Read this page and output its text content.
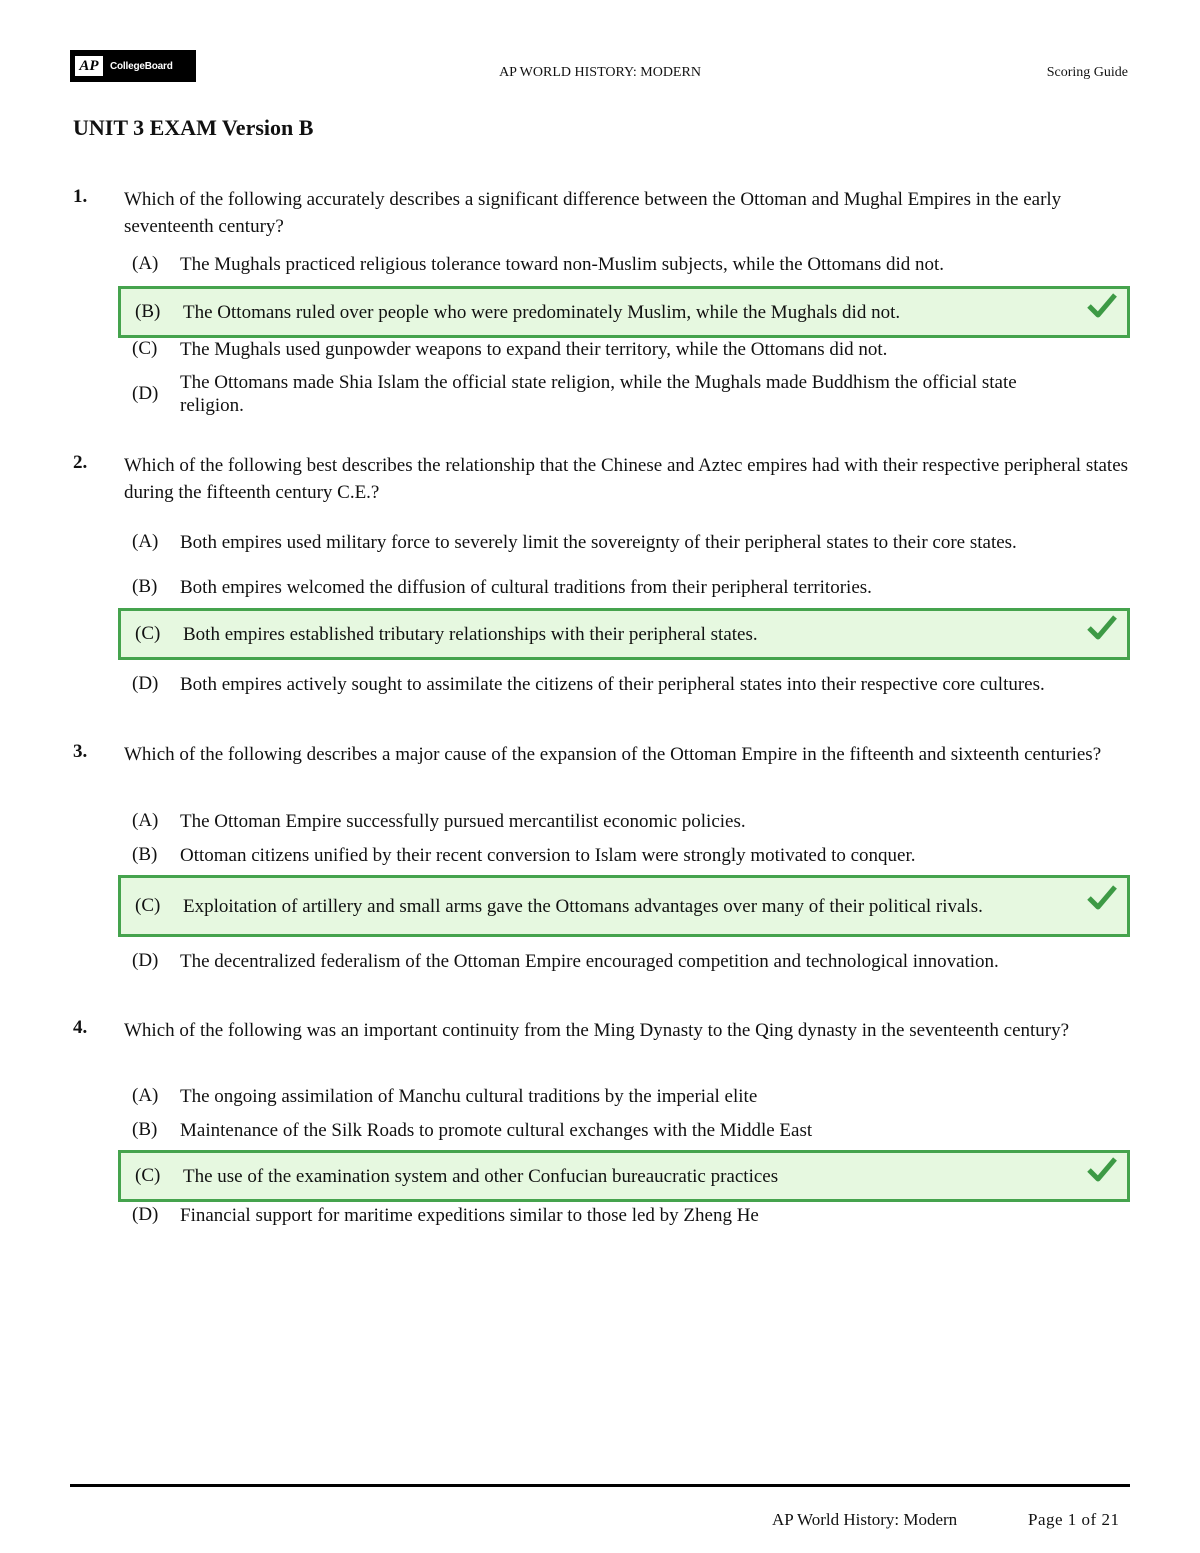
AP	CollegeBoard	AP WORLD HISTORY: MODERN	Scoring Guide
UNIT 3 EXAM Version B
1. Which of the following accurately describes a significant difference between the Ottoman and Mughal Empires in the early seventeenth century?
(A)	The Mughals practiced religious tolerance toward non-Muslim subjects, while the Ottomans did not.
(B)	The Ottomans ruled over people who were predominately Muslim, while the Mughals did not.
(C)	The Mughals used gunpowder weapons to expand their territory, while the Ottomans did not.
(D)
The Ottomans made Shia Islam the official state religion, while the Mughals made Buddhism the official state religion.
2. Which of the following best describes the relationship that the Chinese and Aztec empires had with their respective peripheral states during the fifteenth century C.E.?
(A)	Both empires used military force to severely limit the sovereignty of their peripheral states to their core states.
(B)	Both empires welcomed the diffusion of cultural traditions from their peripheral territories.
(C)	Both empires established tributary relationships with their peripheral states.
(D)	Both empires actively sought to assimilate the citizens of their peripheral states into their respective core cultures.
3. Which of the following describes a major cause of the expansion of the Ottoman Empire in the fifteenth and sixteenth centuries?
(A)	The Ottoman Empire successfully pursued mercantilist economic policies.
(B)	Ottoman citizens unified by their recent conversion to Islam were strongly motivated to conquer.
(C)	Exploitation of artillery and small arms gave the Ottomans advantages over many of their political rivals.
(D)	The decentralized federalism of the Ottoman Empire encouraged competition and technological innovation.
4. Which of the following was an important continuity from the Ming Dynasty to the Qing dynasty in the seventeenth century?
(A)	The ongoing assimilation of Manchu cultural traditions by the imperial elite
(B)	Maintenance of the Silk Roads to promote cultural exchanges with the Middle East
(C)	The use of the examination system and other Confucian bureaucratic practices
(D)	Financial support for maritime expeditions similar to those led by Zheng He
AP World History: Modern	Page 1 of 21
